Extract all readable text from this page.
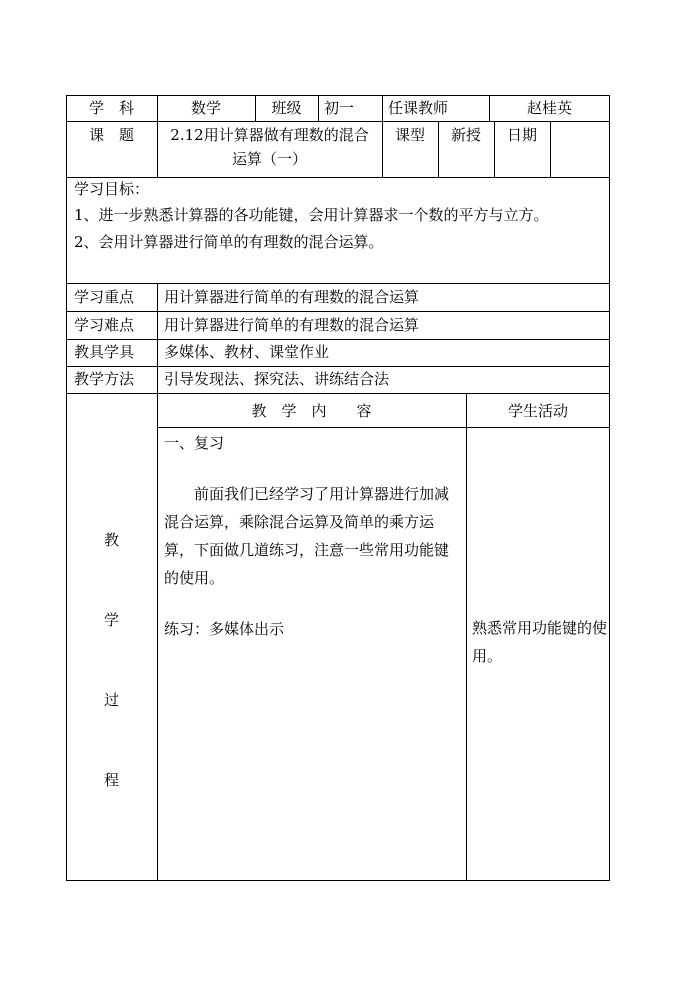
学　科	数学	班级	初一 任课教师	赵桂英
课　题	2.12用计算器做有理数的混合
运算（一）
课型	新授	日期
学习目标：
1、进一步熟悉计算器的各功能键，会用计算器求一个数的平方与立方。
2、会用计算器进行简单的有理数的混合运算。
学习重点 用计算器进行简单的有理数的混合运算
学习难点 用计算器进行简单的有理数的混合运算
教具学具 多媒体、教材、课堂作业
教学方法 引导发现法、探究法、讲练结合法
教
学
过
程
教　学　内　　容	学生活动
一、复习
　　前面我们已经学习了用计算器进行加减混合运算，乘除混合运算及简单的乘方运算，下面做几道练习，注意一些常用功能键的使用。
练习：多媒体出示	熟悉常用功能键的使用。
